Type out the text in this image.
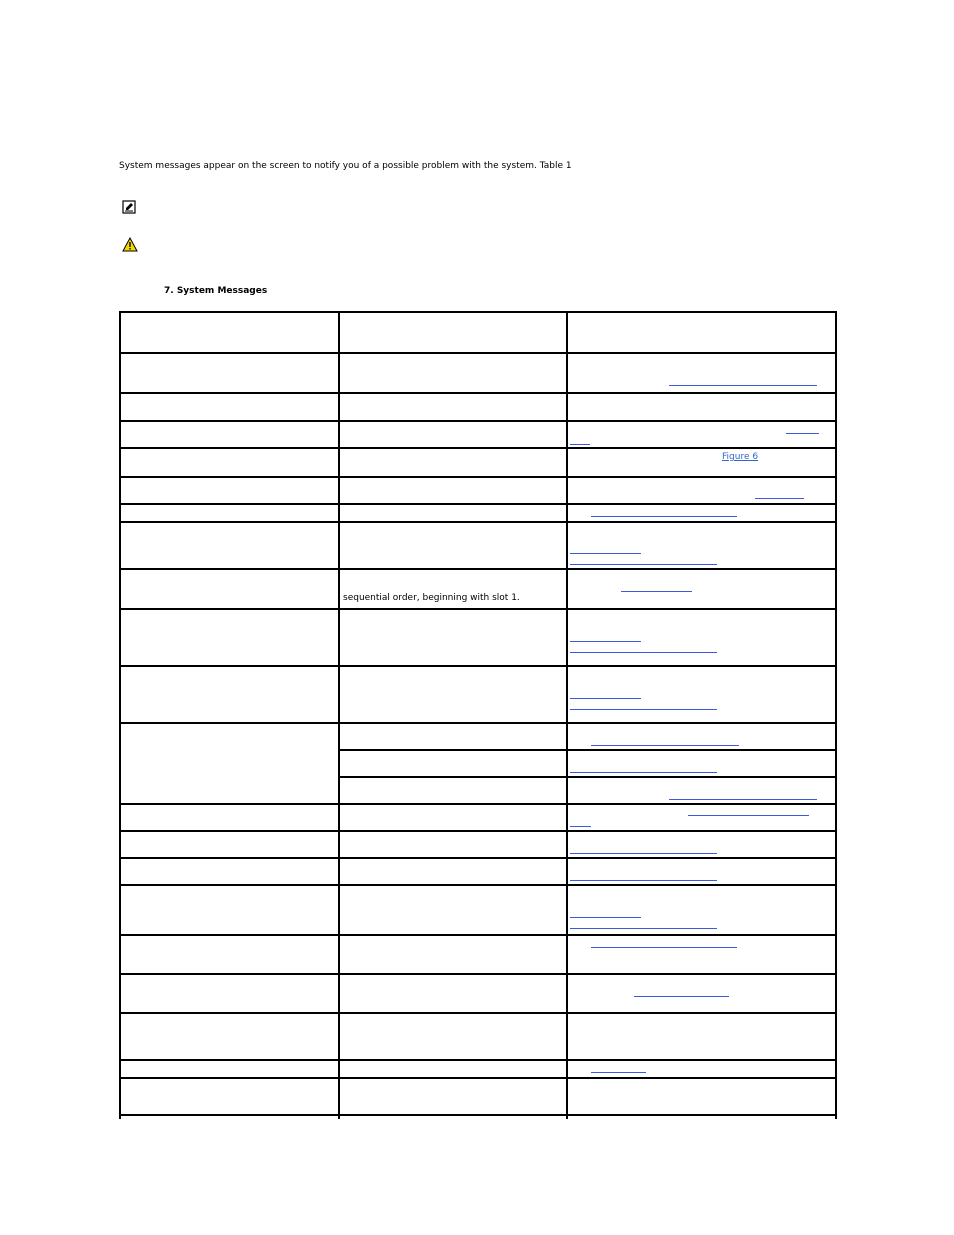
System messages appear on the screen to notify you of a possible problem with the system. Table 1
7. System Messages

		Figure 6

	sequential order, beginning with slot 1.	
